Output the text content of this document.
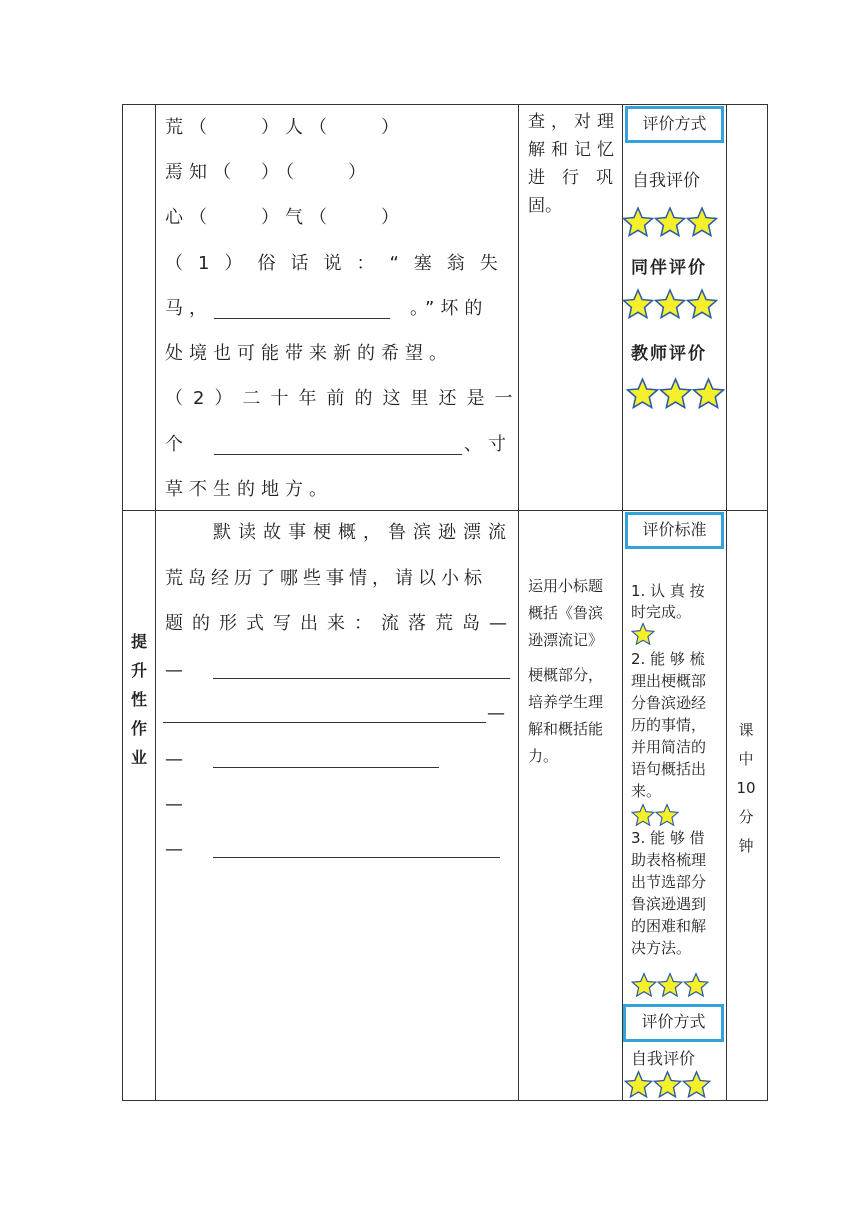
荒（　　）人（　　）
焉知（　）（　　）
心（　　）气（　　）
（1）俗话说：“塞翁失
马，	。”坏的
处境也可能带来新的希望。
（2）二十年前的这里还是一
个	、寸
草不生的地方。
查，对理
解和记忆
进　行　巩
固。
评价方式
自我评价
同伴评价
教师评价
提
升
性
作
业
默读故事梗概，鲁滨逊漂流
荒岛经历了哪些事情，请以小标
题的形式写出来：流落荒岛—
—
—
—
—
—
运用小标题
概括《鲁滨
逊漂流记》
梗概部分，
培养学生理
解和概括能
力。
评价标准
1. 认 真 按
时完成。
2. 能 够 梳
理出梗概部
分鲁滨逊经
历的事情，
并用简洁的
语句概括出
来。
3. 能 够 借
助表格梳理
出节选部分
鲁滨逊遇到
的困难和解
决方法。
评价方式
自我评价
课
中
10
分
钟
